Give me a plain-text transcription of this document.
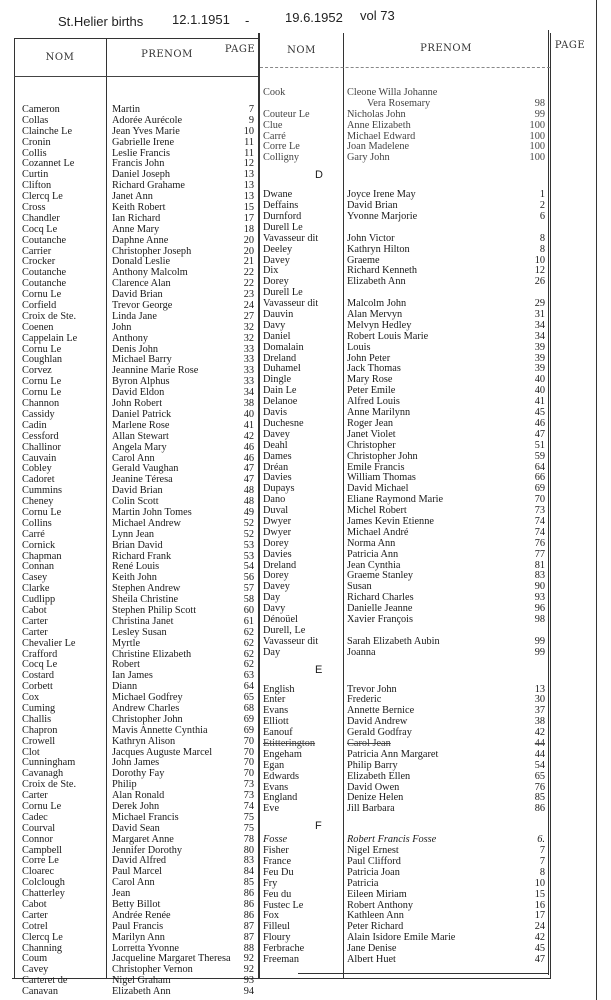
St.Helier births 12.1.1951 -	19.6.1952 vol 73
NOM	PRENOM	PAGE	NOM	PRENOM	PAGE
Cameron	Martin	7
Collas	Adorée Aurécole	9
Clainche Le	Jean Yves Marie	10
Cronin	Gabrielle Irene	11
Collis	Leslie Francis	11
Cozannet Le	Francis John	12
Curtin	Daniel Joseph	13
Clifton	Richard Grahame	13
Clercq Le	Janet Ann	13
Cross	Keith Robert	15
Chandler	Ian Richard	17
Cocq Le	Anne Mary	18
Coutanche	Daphne Anne	20
Carrier	Christopher Joseph	20
Crocker	Donald Leslie	21
Coutanche	Anthony Malcolm	22
Coutanche	Clarence Alan	22
Cornu Le	David Brian	23
Corfield	Trevor George	24
Croix de Ste.	Linda Jane	27
Coenen	John	32
Cappelain Le	Anthony	32
Cornu Le	Denis John	33
Coughlan	Michael Barry	33
Corvez	Jeannine Marie Rose	33
Cornu Le	Byron Alphus	33
Cornu Le	David Eldon	34
Channon	John Robert	38
Cassidy	Daniel Patrick	40
Cadin	Marlene Rose	41
Cessford	Allan Stewart	42
Challinor	Angela Mary	46
Cauvain	Carol Ann	46
Cobley	Gerald Vaughan	47
Cadoret	Jeanine Téresa	47
Cummins	David Brian	48
Cheney	Colin Scott	48
Cornu Le	Martin John Tomes	49
Collins	Michael Andrew	52
Carré	Lynn Jean	52
Cornick	Brian David	53
Chapman	Richard Frank	53
Connan	René Louis	54
Casey	Keith John	56
Clarke	Stephen Andrew	57
Cudlipp	Sheila Christine	58
Cabot	Stephen Philip Scott	60
Carter	Christina Janet	61
Carter	Lesley Susan	62
Chevalier Le	Myrtle	62
Crafford	Christine Elizabeth	62
Cocq Le	Robert	62
Costard	Ian James	63
Corbett	Diann	64
Cox	Michael Godfrey	65
Cuming	Andrew Charles	68
Challis	Christopher John	69
Chapron	Mavis Annette Cynthia	69
Crowell	Kathryn Alison	70
Clot	Jacques Auguste Marcel	70
Cunningham	John James	70
Cavanagh	Dorothy Fay	70
Croix de Ste.	Philip	73
Carter	Alan Ronald	73
Cornu Le	Derek John	74
Cadec	Michael Francis	75
Courval	David Sean	75
Connor	Margaret Anne	78
Campbell	Jennifer Dorothy	80
Corre Le	David Alfred	83
Cloarec	Paul Marcel	84
Colclough	Carol Ann	85
Chatterley	Jean	86
Cabot	Betty Billot	86
Carter	Andrée Renée	86
Cotrel	Paul Francis	87
Clercq Le	Marilyn Ann	87
Channing	Lorretta Yvonne	88
Coum	Jacqueline Margaret Theresa	92
Cavey	Christopher Vernon	92
Carteret de	Nigel Graham	93
Canavan	Elizabeth Ann	94
Cook	Cleone Willa Johanne
Vera Rosemary	98
Couteur Le	Nicholas John	99
Clue	Anne Elizabeth	100
Carré	Michael Edward	100
Corre Le	Joan Madelene	100
Colligny	Gary John	100
D
Dwane	Joyce Irene May	1
Deffains	David Brian	2
Durnford	Yvonne Marjorie	6
Durell Le
Vavasseur dit	John Victor	8
Deeley	Kathryn Hilton	8
Davey	Graeme	10
Dix	Richard Kenneth	12
Dorey	Elizabeth Ann	26
Durell Le
Vavasseur dit	Malcolm John	29
Dauvin	Alan Mervyn	31
Davy	Melvyn Hedley	34
Daniel	Robert Louis Marie	34
Domalain	Louis	39
Dreland	John Peter	39
Duhamel	Jack Thomas	39
Dingle	Mary Rose	40
Dain Le	Peter Emile	40
Delanoe	Alfred Louis	41
Davis	Anne Marilynn	45
Duchesne	Roger Jean	46
Davey	Janet Violet	47
Deahl	Christopher	51
Dames	Christopher John	59
Dréan	Emile Francis	64
Davies	William Thomas	66
Dupays	David Michael	69
Dano	Eliane Raymond Marie	70
Duval	Michel Robert	73
Dwyer	James Kevin Etienne	74
Dwyer	Michael André	74
Dorey	Norma Ann	76
Davies	Patricia Ann	77
Dreland	Jean Cynthia	81
Dorey	Graeme Stanley	83
Davey	Susan	90
Day	Richard Charles	93
Davy	Danielle Jeanne	96
Dénoüel	Xavier François	98
Durell, Le
Vavasseur dit	Sarah Elizabeth Aubin	99
Day	Joanna	99
E
English	Trevor John	13
Enter	Frederic	30
Evans	Annette Bernice	37
Elliott	David Andrew	38
Eanouf	Gerald Godfray	42
Etitterington	Carol Jean	44
Engeham	Patricia Ann Margaret	44
Egan	Philip Barry	54
Edwards	Elizabeth Ellen	65
Evans	David Owen	76
England	Denize Helen	85
Eve	Jill Barbara	86
F
Fosse	Robert Francis Fosse	6.
Fisher	Nigel Ernest	7
France	Paul Clifford	7
Feu Du	Patricia Joan	8
Fry	Patricia	10
Feu du	Eileen Miriam	15
Fustec Le	Robert Anthony	16
Fox	Kathleen Ann	17
Filleul	Peter Richard	24
Floury	Alain Isidore Emile Marie	42
Ferbrache	Jane Denise	45
Freeman	Albert Huet	47
